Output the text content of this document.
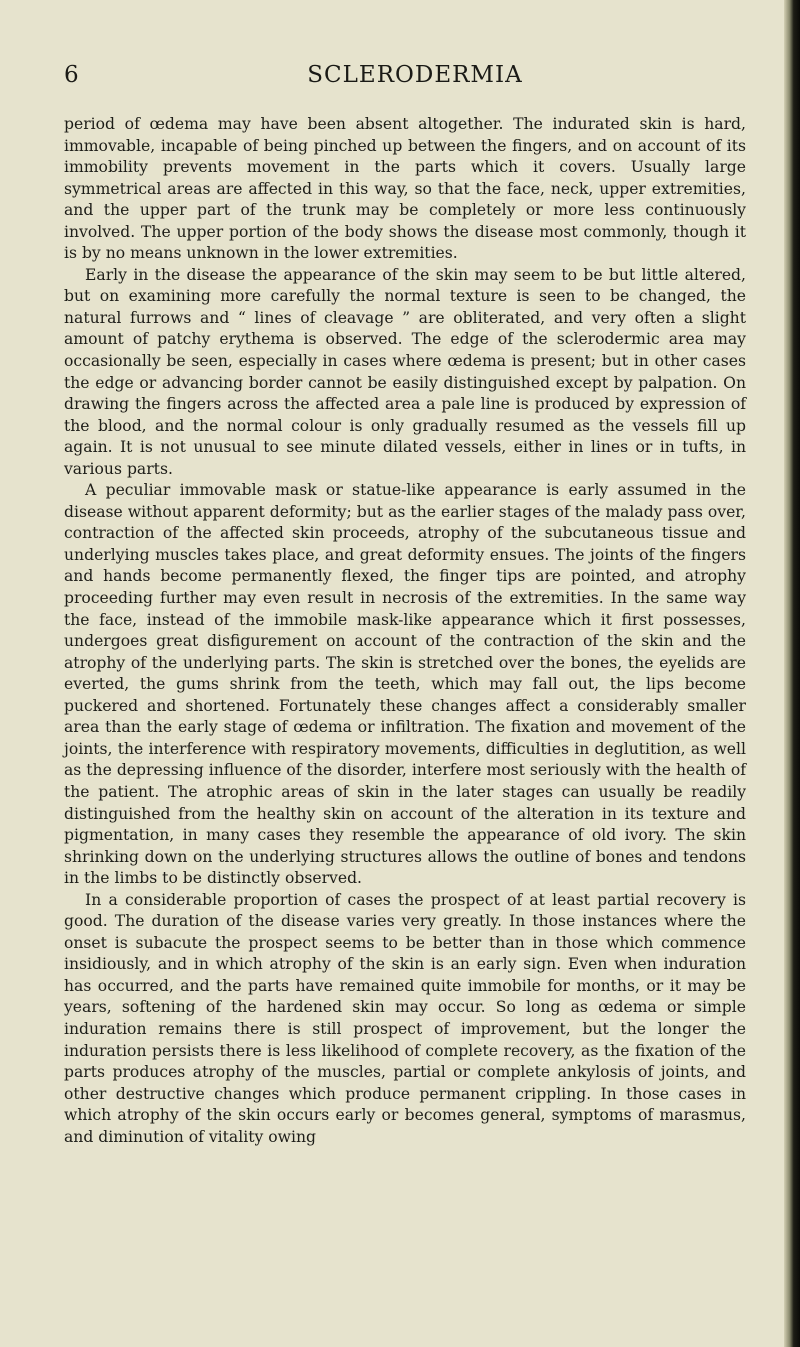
6	SCLERODERMIA

period of œdema may have been absent altogether. The indurated skin is hard, immovable, incapable of being pinched up between the fingers, and on account of its immobility prevents movement in the parts which it covers. Usually large symmetrical areas are affected in this way, so that the face, neck, upper extremities, and the upper part of the trunk may be completely or more less continuously involved. The upper portion of the body shows the disease most commonly, though it is by no means unknown in the lower extremities.

Early in the disease the appearance of the skin may seem to be but little altered, but on examining more carefully the normal texture is seen to be changed, the natural furrows and “ lines of cleavage ” are obliterated, and very often a slight amount of patchy erythema is observed. The edge of the sclerodermic area may occasionally be seen, especially in cases where œdema is present; but in other cases the edge or advancing border cannot be easily distinguished except by palpation. On drawing the fingers across the affected area a pale line is produced by expression of the blood, and the normal colour is only gradually resumed as the vessels fill up again. It is not unusual to see minute dilated vessels, either in lines or in tufts, in various parts.

A peculiar immovable mask or statue-like appearance is early assumed in the disease without apparent deformity; but as the earlier stages of the malady pass over, contraction of the affected skin proceeds, atrophy of the subcutaneous tissue and underlying muscles takes place, and great deformity ensues. The joints of the fingers and hands become permanently flexed, the finger tips are pointed, and atrophy proceeding further may even result in necrosis of the extremities. In the same way the face, instead of the immobile mask-like appearance which it first possesses, undergoes great disfigurement on account of the contraction of the skin and the atrophy of the underlying parts. The skin is stretched over the bones, the eyelids are everted, the gums shrink from the teeth, which may fall out, the lips become puckered and shortened. Fortunately these changes affect a considerably smaller area than the early stage of œdema or infiltration. The fixation and movement of the joints, the interference with respiratory movements, difficulties in deglutition, as well as the depressing influence of the disorder, interfere most seriously with the health of the patient. The atrophic areas of skin in the later stages can usually be readily distinguished from the healthy skin on account of the alteration in its texture and pigmentation, in many cases they resemble the appearance of old ivory. The skin shrinking down on the underlying structures allows the outline of bones and tendons in the limbs to be distinctly observed.

In a considerable proportion of cases the prospect of at least partial recovery is good. The duration of the disease varies very greatly. In those instances where the onset is subacute the prospect seems to be better than in those which commence insidiously, and in which atrophy of the skin is an early sign. Even when induration has occurred, and the parts have remained quite immobile for months, or it may be years, softening of the hardened skin may occur. So long as œdema or simple induration remains there is still prospect of improvement, but the longer the induration persists there is less likelihood of complete recovery, as the fixation of the parts produces atrophy of the muscles, partial or complete ankylosis of joints, and other destructive changes which produce permanent crippling. In those cases in which atrophy of the skin occurs early or becomes general, symptoms of marasmus, and diminution of vitality owing
